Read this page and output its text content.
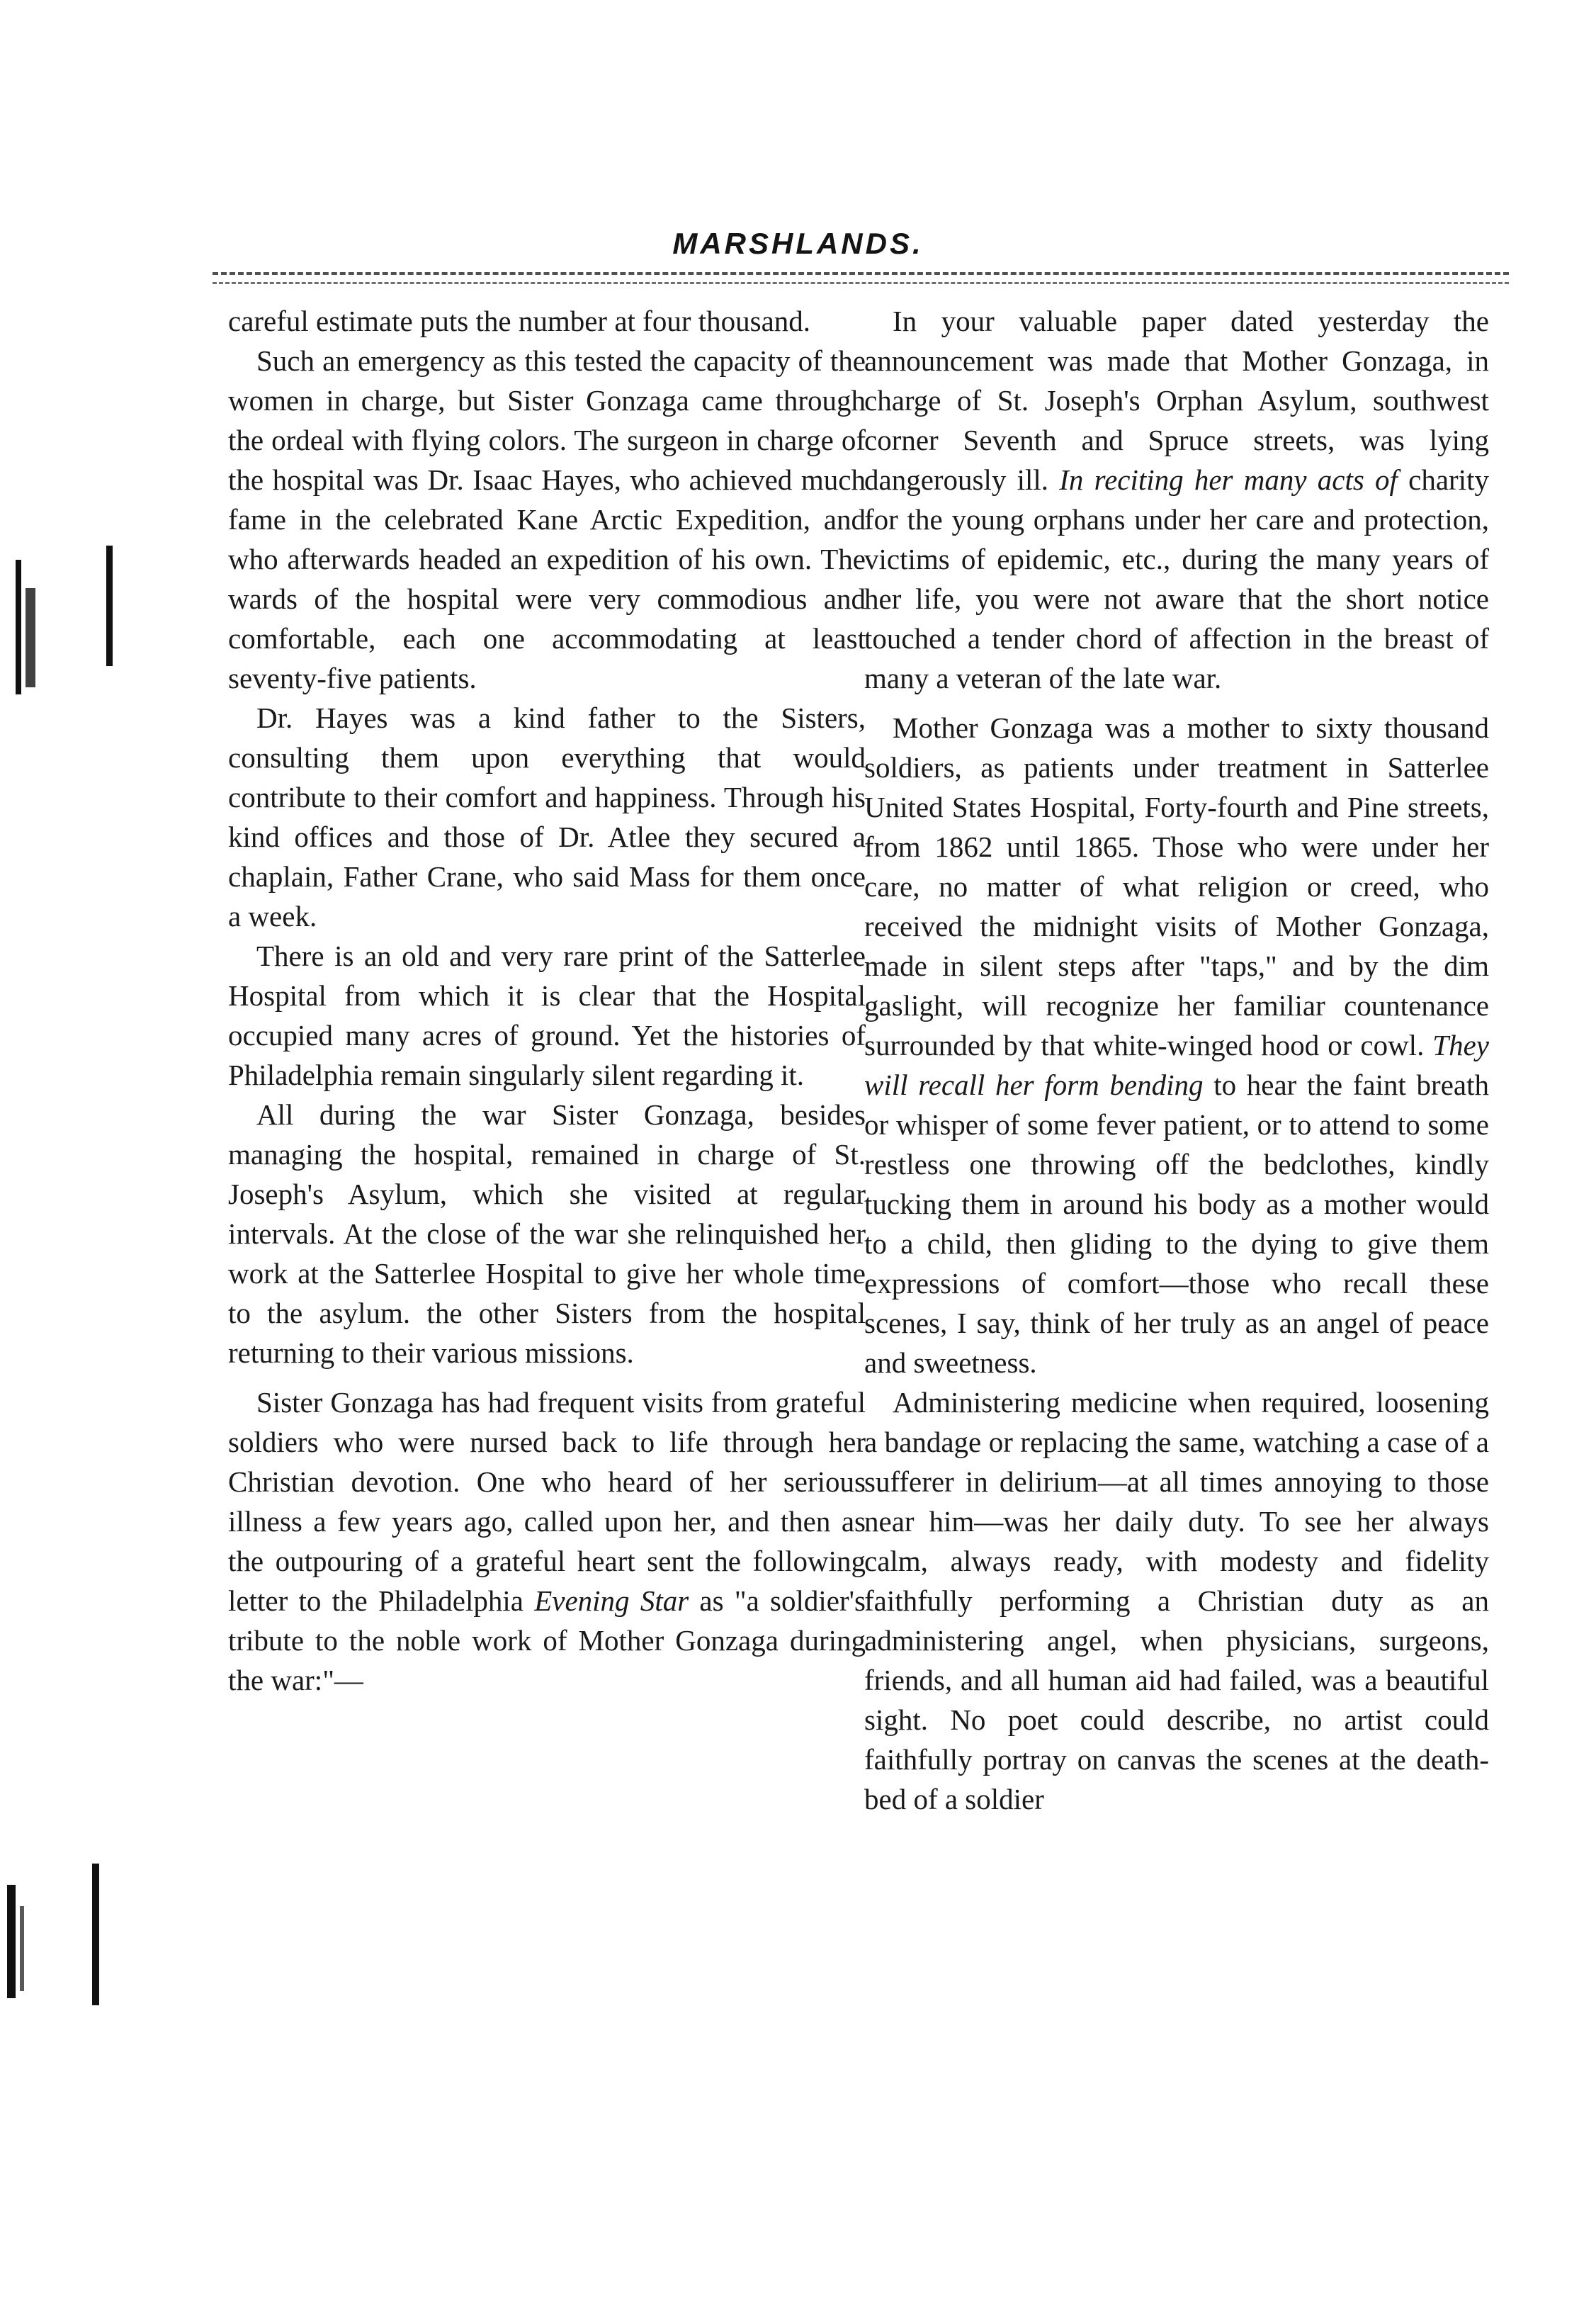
MARSHLANDS.

careful estimate puts the number at four thousand.

Such an emergency as this tested the capacity of the women in charge, but Sister Gonzaga came through the ordeal with flying colors. The surgeon in charge of the hospital was Dr. Isaac Hayes, who achieved much fame in the celebrated Kane Arctic Expedition, and who afterwards headed an expedition of his own. The wards of the hospital were very commodious and comfortable, each one accommodating at least seventy-five patients.

Dr. Hayes was a kind father to the Sisters, consulting them upon everything that would contribute to their comfort and happiness. Through his kind offices and those of Dr. Atlee they secured a chaplain, Father Crane, who said Mass for them once a week.

There is an old and very rare print of the Satterlee Hospital from which it is clear that the Hospital occupied many acres of ground. Yet the histories of Philadelphia remain singularly silent regarding it.

All during the war Sister Gonzaga, besides managing the hospital, remained in charge of St. Joseph's Asylum, which she visited at regular intervals. At the close of the war she relinquished her work at the Satterlee Hospital to give her whole time to the asylum. the other Sisters from the hospital returning to their various missions.

Sister Gonzaga has had frequent visits from grateful soldiers who were nursed back to life through her Christian devotion. One who heard of her serious illness a few years ago, called upon her, and then as the outpouring of a grateful heart sent the following letter to the Philadelphia Evening Star as "a soldier's tribute to the noble work of Mother Gonzaga during the war:"—

In your valuable paper dated yesterday the announcement was made that Mother Gonzaga, in charge of St. Joseph's Orphan Asylum, southwest corner Seventh and Spruce streets, was lying dangerously ill. In reciting her many acts of charity for the young orphans under her care and protection, victims of epidemic, etc., during the many years of her life, you were not aware that the short notice touched a tender chord of affection in the breast of many a veteran of the late war.

Mother Gonzaga was a mother to sixty thousand soldiers, as patients under treatment in Satterlee United States Hospital, Forty-fourth and Pine streets, from 1862 until 1865. Those who were under her care, no matter of what religion or creed, who received the midnight visits of Mother Gonzaga, made in silent steps after "taps," and by the dim gaslight, will recognize her familiar countenance surrounded by that white-winged hood or cowl. They will recall her form bending to hear the faint breath or whisper of some fever patient, or to attend to some restless one throwing off the bedclothes, kindly tucking them in around his body as a mother would to a child, then gliding to the dying to give them expressions of comfort—those who recall these scenes, I say, think of her truly as an angel of peace and sweetness.

Administering medicine when required, loosening a bandage or replacing the same, watching a case of a sufferer in delirium—at all times annoying to those near him—was her daily duty. To see her always calm, always ready, with modesty and fidelity faithfully performing a Christian duty as an administering angel, when physicians, surgeons, friends, and all human aid had failed, was a beautiful sight. No poet could describe, no artist could faithfully portray on canvas the scenes at the death-bed of a soldier
